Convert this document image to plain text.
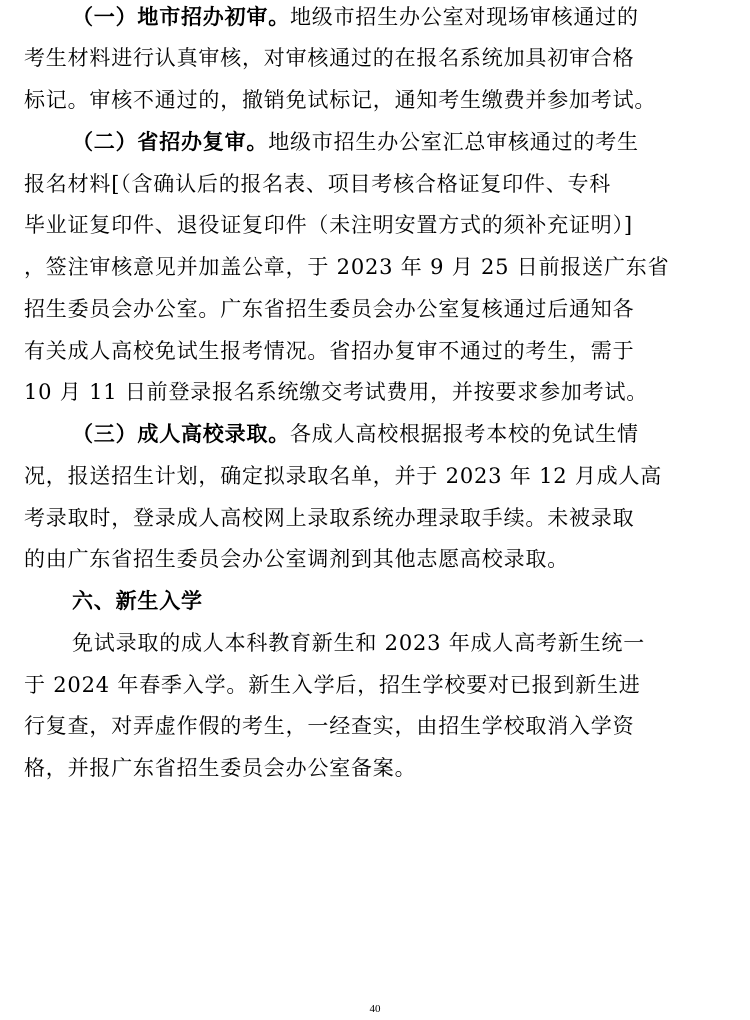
（一）地市招办初审。地级市招生办公室对现场审核通过的
考生材料进行认真审核，对审核通过的在报名系统加具初审合格
标记。审核不通过的，撤销免试标记，通知考生缴费并参加考试。
（二）省招办复审。地级市招生办公室汇总审核通过的考生
报名材料[（含确认后的报名表、项目考核合格证复印件、专科
毕业证复印件、退役证复印件（未注明安置方式的须补充证明）]
，签注审核意见并加盖公章，于 2023 年 9 月 25 日前报送广东省
招生委员会办公室。广东省招生委员会办公室复核通过后通知各
有关成人高校免试生报考情况。省招办复审不通过的考生，需于
10 月 11 日前登录报名系统缴交考试费用，并按要求参加考试。
（三）成人高校录取。各成人高校根据报考本校的免试生情
况，报送招生计划，确定拟录取名单，并于 2023 年 12 月成人高
考录取时，登录成人高校网上录取系统办理录取手续。未被录取
的由广东省招生委员会办公室调剂到其他志愿高校录取。
六、新生入学
免试录取的成人本科教育新生和 2023 年成人高考新生统一
于 2024 年春季入学。新生入学后，招生学校要对已报到新生进
行复查，对弄虚作假的考生，一经查实，由招生学校取消入学资
格，并报广东省招生委员会办公室备案。
40
